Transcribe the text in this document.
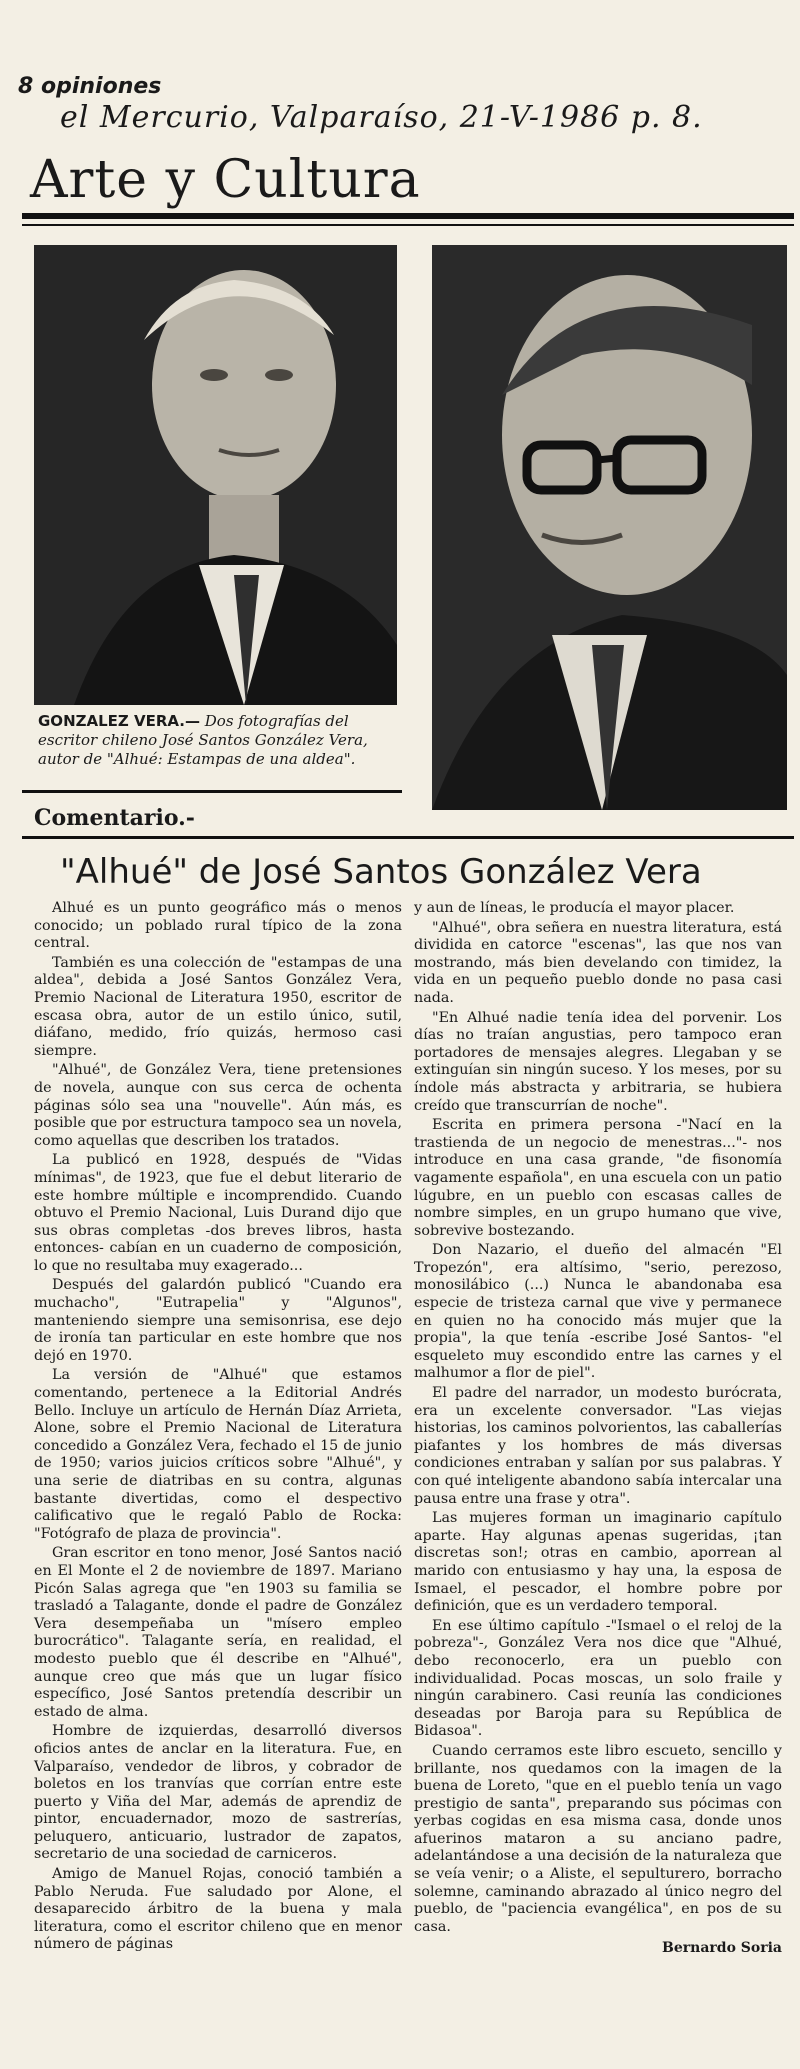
8 opiniones
el Mercurio, Valparaíso, 21-V-1986 p. 8.
Arte y Cultura
GONZALEZ VERA.— Dos fotografías del escritor chileno José Santos González Vera, autor de "Alhué: Estampas de una aldea".
Comentario.-
"Alhué" de José Santos González Vera

Alhué es un punto geográfico más o menos conocido; un poblado rural típico de la zona central.

También es una colección de "estampas de una aldea", debida a José Santos González Vera, Premio Nacional de Literatura 1950, escritor de escasa obra, autor de un estilo único, sutil, diáfano, medido, frío quizás, hermoso casi siempre.

"Alhué", de González Vera, tiene pretensiones de novela, aunque con sus cerca de ochenta páginas sólo sea una "nouvelle". Aún más, es posible que por estructura tampoco sea un novela, como aquellas que describen los tratados.

La publicó en 1928, después de "Vidas mínimas", de 1923, que fue el debut literario de este hombre múltiple e incomprendido. Cuando obtuvo el Premio Nacional, Luis Durand dijo que sus obras completas -dos breves libros, hasta entonces- cabían en un cuaderno de composición, lo que no resultaba muy exagerado...

Después del galardón publicó "Cuando era muchacho", "Eutrapelia" y "Algunos", manteniendo siempre una semisonrisa, ese dejo de ironía tan particular en este hombre que nos dejó en 1970.

La versión de "Alhué" que estamos comentando, pertenece a la Editorial Andrés Bello. Incluye un artículo de Hernán Díaz Arrieta, Alone, sobre el Premio Nacional de Literatura concedido a González Vera, fechado el 15 de junio de 1950; varios juicios críticos sobre "Alhué", y una serie de diatribas en su contra, algunas bastante divertidas, como el despectivo calificativo que le regaló Pablo de Rocka: "Fotógrafo de plaza de provincia".

Gran escritor en tono menor, José Santos nació en El Monte el 2 de noviembre de 1897. Mariano Picón Salas agrega que "en 1903 su familia se trasladó a Talagante, donde el padre de González Vera desempeñaba un "mísero empleo burocrático". Talagante sería, en realidad, el modesto pueblo que él describe en "Alhué", aunque creo que más que un lugar físico específico, José Santos pretendía describir un estado de alma.

Hombre de izquierdas, desarrolló diversos oficios antes de anclar en la literatura. Fue, en Valparaíso, vendedor de libros, y cobrador de boletos en los tranvías que corrían entre este puerto y Viña del Mar, además de aprendiz de pintor, encuadernador, mozo de sastrerías, peluquero, anticuario, lustrador de zapatos, secretario de una sociedad de carniceros.

Amigo de Manuel Rojas, conoció también a Pablo Neruda. Fue saludado por Alone, el desaparecido árbitro de la buena y mala literatura, como el escritor chileno que en menor número de páginas

y aun de líneas, le producía el mayor placer.

"Alhué", obra señera en nuestra literatura, está dividida en catorce "escenas", las que nos van mostrando, más bien develando con timidez, la vida en un pequeño pueblo donde no pasa casi nada.

"En Alhué nadie tenía idea del porvenir. Los días no traían angustias, pero tampoco eran portadores de mensajes alegres. Llegaban y se extinguían sin ningún suceso. Y los meses, por su índole más abstracta y arbitraria, se hubiera creído que transcurrían de noche".

Escrita en primera persona -"Nací en la trastienda de un negocio de menestras..."- nos introduce en una casa grande, "de fisonomía vagamente española", en una escuela con un patio lúgubre, en un pueblo con escasas calles de nombre simples, en un grupo humano que vive, sobrevive bostezando.

Don Nazario, el dueño del almacén "El Tropezón", era altísimo, "serio, perezoso, monosilábico (...) Nunca le abandonaba esa especie de tristeza carnal que vive y permanece en quien no ha conocido más mujer que la propia", la que tenía -escribe José Santos- "el esqueleto muy escondido entre las carnes y el malhumor a flor de piel".

El padre del narrador, un modesto burócrata, era un excelente conversador. "Las viejas historias, los caminos polvorientos, las caballerías piafantes y los hombres de más diversas condiciones entraban y salían por sus palabras. Y con qué inteligente abandono sabía intercalar una pausa entre una frase y otra".

Las mujeres forman un imaginario capítulo aparte. Hay algunas apenas sugeridas, ¡tan discretas son!; otras en cambio, aporrean al marido con entusiasmo y hay una, la esposa de Ismael, el pescador, el hombre pobre por definición, que es un verdadero temporal.

En ese último capítulo -"Ismael o el reloj de la pobreza"-, González Vera nos dice que "Alhué, debo reconocerlo, era un pueblo con individualidad. Pocas moscas, un solo fraile y ningún carabinero. Casi reunía las condiciones deseadas por Baroja para su República de Bidasoa".

Cuando cerramos este libro escueto, sencillo y brillante, nos quedamos con la imagen de la buena de Loreto, "que en el pueblo tenía un vago prestigio de santa", preparando sus pócimas con yerbas cogidas en esa misma casa, donde unos afuerinos mataron a su anciano padre, adelantándose a una decisión de la naturaleza que se veía venir; o a Aliste, el sepulturero, borracho solemne, caminando abrazado al único negro del pueblo, de "paciencia evangélica", en pos de su casa.

Bernardo Soria
